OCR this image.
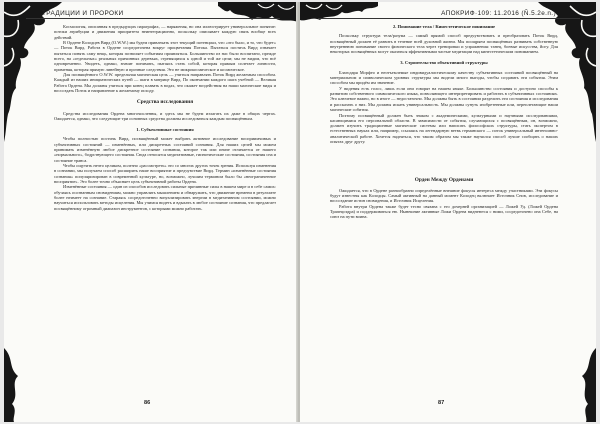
ТРАДИЦИИ И ПРОРОКИ

Космология, описанная в предыдущих параграфах, — наряженая, но она иллюстрирует универсальное понятие: потоки атрибуции и движения приоритета неинтеграционно, поскольку описывает каждую связь вообще всех действий.

В Ордене Колодцев Вирд (O.W.W.) мы будем привлекать этот текущий потенциал, что «это было, и то, что будет» — Поток Вирд. Работа в Ордене сосредоточена вокруг процветания Потока. Пытаться постичь Вирд означает пытаться понять саму вещь, которая позволяет событиям проявляться. Большинство из нас было воспитано, прежде всего, на «отдельных» реальных причинных деревьях, стремящихся к одной и той же цели; мы не видим, что всё одновременно. Увидеть, однако, значит понимать, пытаясь стать собой, которая прямым сплетает личности, применяя, которая прямую линейную и прочные следствия. Это не микрокосмическое и космическое.

Для посвящённого O.W.W. предельная магическая цель — учиться направлять Поток Вирд желаемым способом. Каждый из наших инициатических путей — шаги в матрице Вирд. По окончании каждого шага учебной — Великая Работа Ордена. Мы должны учиться при конец плавать в водах, что окажет воздействия на наши магические виды и воссоздать Поток и направление к желаемому исходу.

Средства исследования

Средства исследования Ордена многочисленны, и здесь мы не будем излагать их даже в общих чертах. Ожидается, однако, что следующие три основных средства должны исследоваться каждым посвящённым.

1. Субъективные состояния

Чтобы полностью постичь Вирд, посвящённый может выбрать активное исследование восприимчивых и субъективных состояний — изменённых, или дискретных состояний сознания. Для наших целей мы можем принимать изменённую любое дискретное состояние сознания, которое так или иначе отличается от нашего «нормального», бодрствующего состояния. Сюда относятся медитативные, гипнотические состояния, состояния сна и состояние транса.

Чтобы ощутить нечто целиком, полезно «рассмотреть» это со многих других точек зрения. Используя изменения в сознании, мы получаем способ расширить наше восприятие и предчувствие Вирд. Термин «изменённые состояния сознания» популяризирован в современной культуре, но, возможно, лучшим термином было бы «неограниченное восприятие». Это более точно объясняет цель субъективной работы Ордена.

Изменённые состояния — один из способов исследовать сильные причинные силы в нашем мире и в себе самих: обучаясь осознанным сновидениям, можно управлять мышлением и обнаружить, что движение времени в результате более неимеет на сознание. Стараясь сосредоточенно визуализировать энергии в медитативном состоянии, можно научиться использовать методы исцеления. Мы учимся видеть и вдыхать в любое состояние сознания, что предлагает посвящённому огромный диапазон инструментов, с которыми можно работать.

86
АПОКРИФ·109: 11.2016 (Ñ.5.2e.n.)
2. Понимание тела / Кинестетическое понимание

Поскольку структура тела/разума — самый прямой способ предчувствовать и преобразовать Поток Вирд, посвящённый должен её развить в течение всей духовной жизни. Мы поощряем посвящённых развивать собственную внутреннюю понимание своего физического тела через тренировки и упражнения: танец, боевые искусства, йогу. Для некоторых посвящённых могут оказаться эффективными частые медитации над кинестетическим пониманием.

3. Строительство объективной структуры

Благодаря Морфео и неотъемлемые индивидуалистическому качеству субъективных состояний посвящённый на материальном и символическом уровнях структуры мы видели много выгоды, чтобы создавать эти события. Этим способом мы придём им значение.

У видения есть голос, лишь если они говорят на нашем языке. Большинство состояния и доступно способы к развитию собственного символического языка, позволяющего интерпретировать и работать в субъективных состояниях. Это ключевое важно, но в итоге — недостаточно. Мы должны быть в состоянии разделить эти состояния и исследования и рассказать о них. Мы должны искать универсальность. Мы должны сунуть изобретенные или, переплетающие наши магические собития.

Поэтому посвящённый должен быть знаком с академическими, культурными и научными исследованиями, касающимися его персональной области. В зависимости от события, случающихся с посвящённым, он, возможно, должен изучить традиционные магические системы или написать философских структуры, стать экспертом в естественных науках или, например, ссылаясь на легендарную ветвь германского — поток универсальный интенсивно-аналитической работе. Хочется надеяться, что таким образом мы также научился способ лучше сообщать о наших опытах друг другу.

Орден Между Орденами

Ожидается, что в Ордене разнообразно определённые внешние фокусы интереса между участниками. Эти фокусы будут известны как Колодцы. Самый активный на данный момент Колодец включает Источник Снов, исследование и воссоздание истин сновидения, и Источник Исцеления.

Работа внутри Ордена также будет тесно связана с его дочерней организацией — Ложей Уд. (Ложей Ордена Трапецоэдра) и поддерживаться ею. Нынешние активные Ложи Ордена виднеются с ними, сосредоточено она Себе, на союз на пути воина.

87
